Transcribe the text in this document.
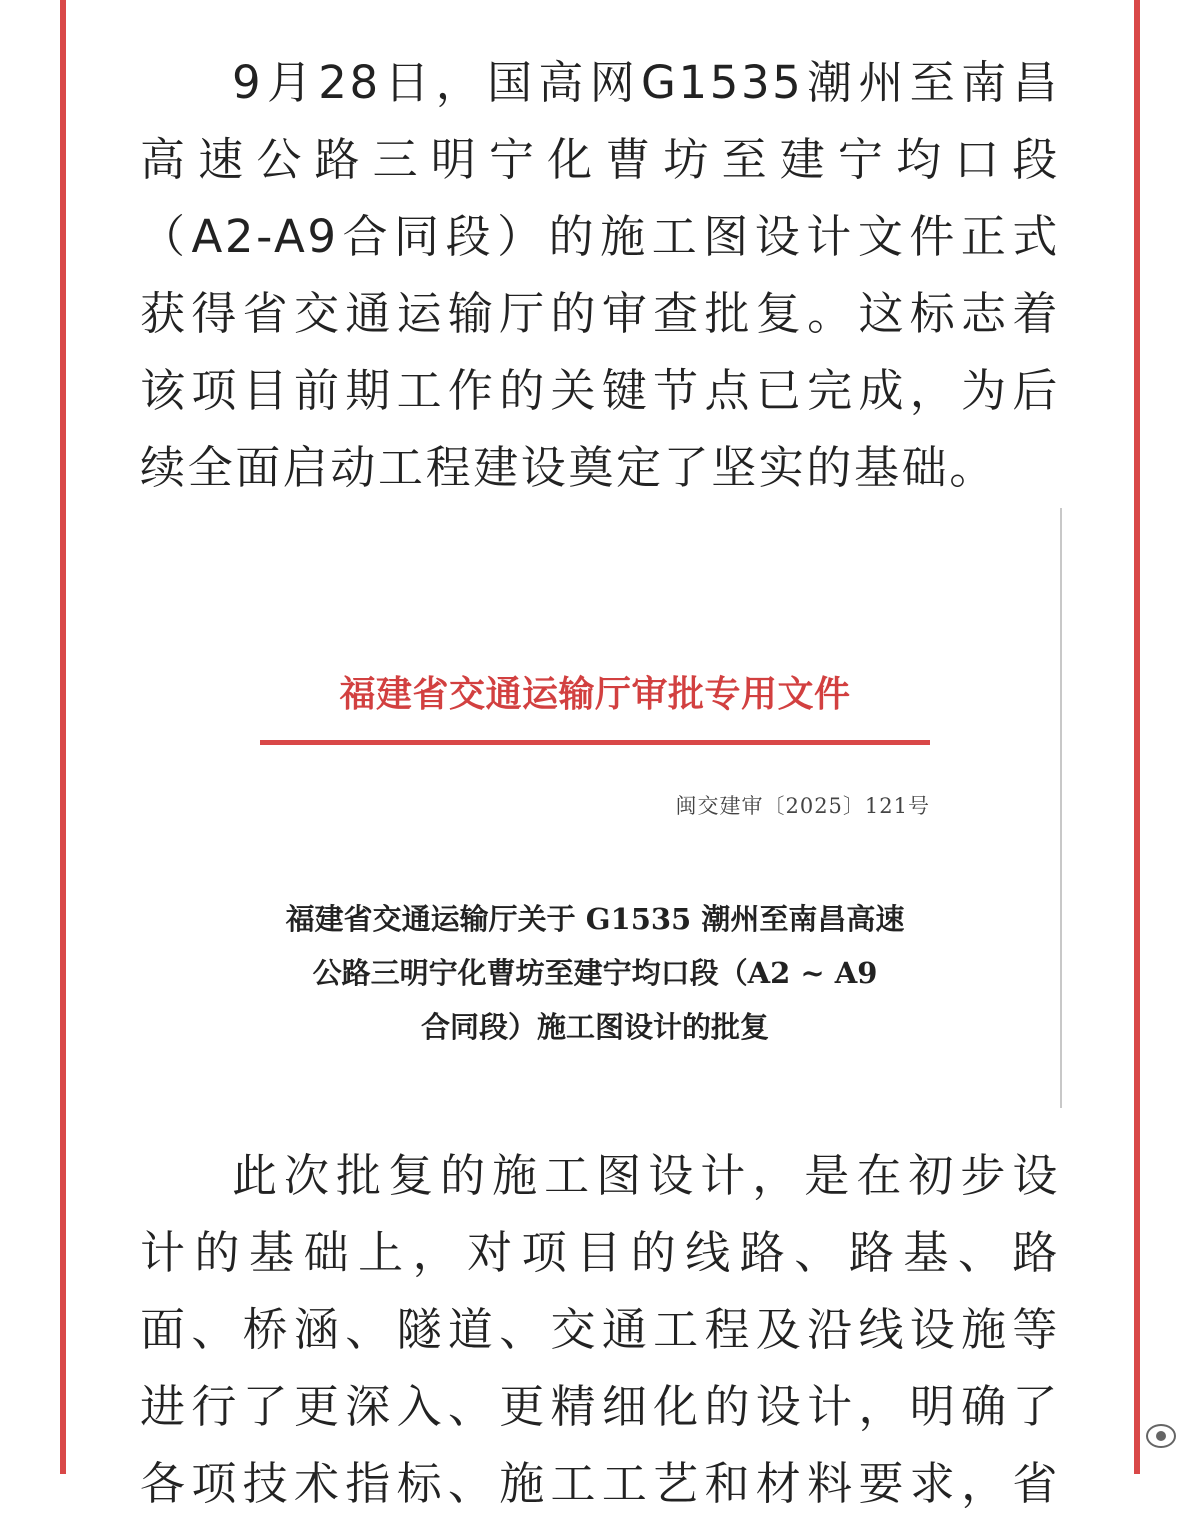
9月28日，国高网G1535潮州至南昌
高速公路三明宁化曹坊至建宁均口段
（A2-A9合同段）的施工图设计文件正式
获得省交通运输厅的审查批复。这标志着
该项目前期工作的关键节点已完成，为后
续全面启动工程建设奠定了坚实的基础。

福建省交通运输厅审批专用文件
闽交建审〔2025〕121号
福建省交通运输厅关于 G1535 潮州至南昌高速
公路三明宁化曹坊至建宁均口段（A2 ~ A9
合同段）施工图设计的批复

此次批复的施工图设计，是在初步设
计的基础上，对项目的线路、路基、路
面、桥涵、隧道、交通工程及沿线设施等
进行了更深入、更精细化的设计，明确了
各项技术指标、施工工艺和材料要求，省
